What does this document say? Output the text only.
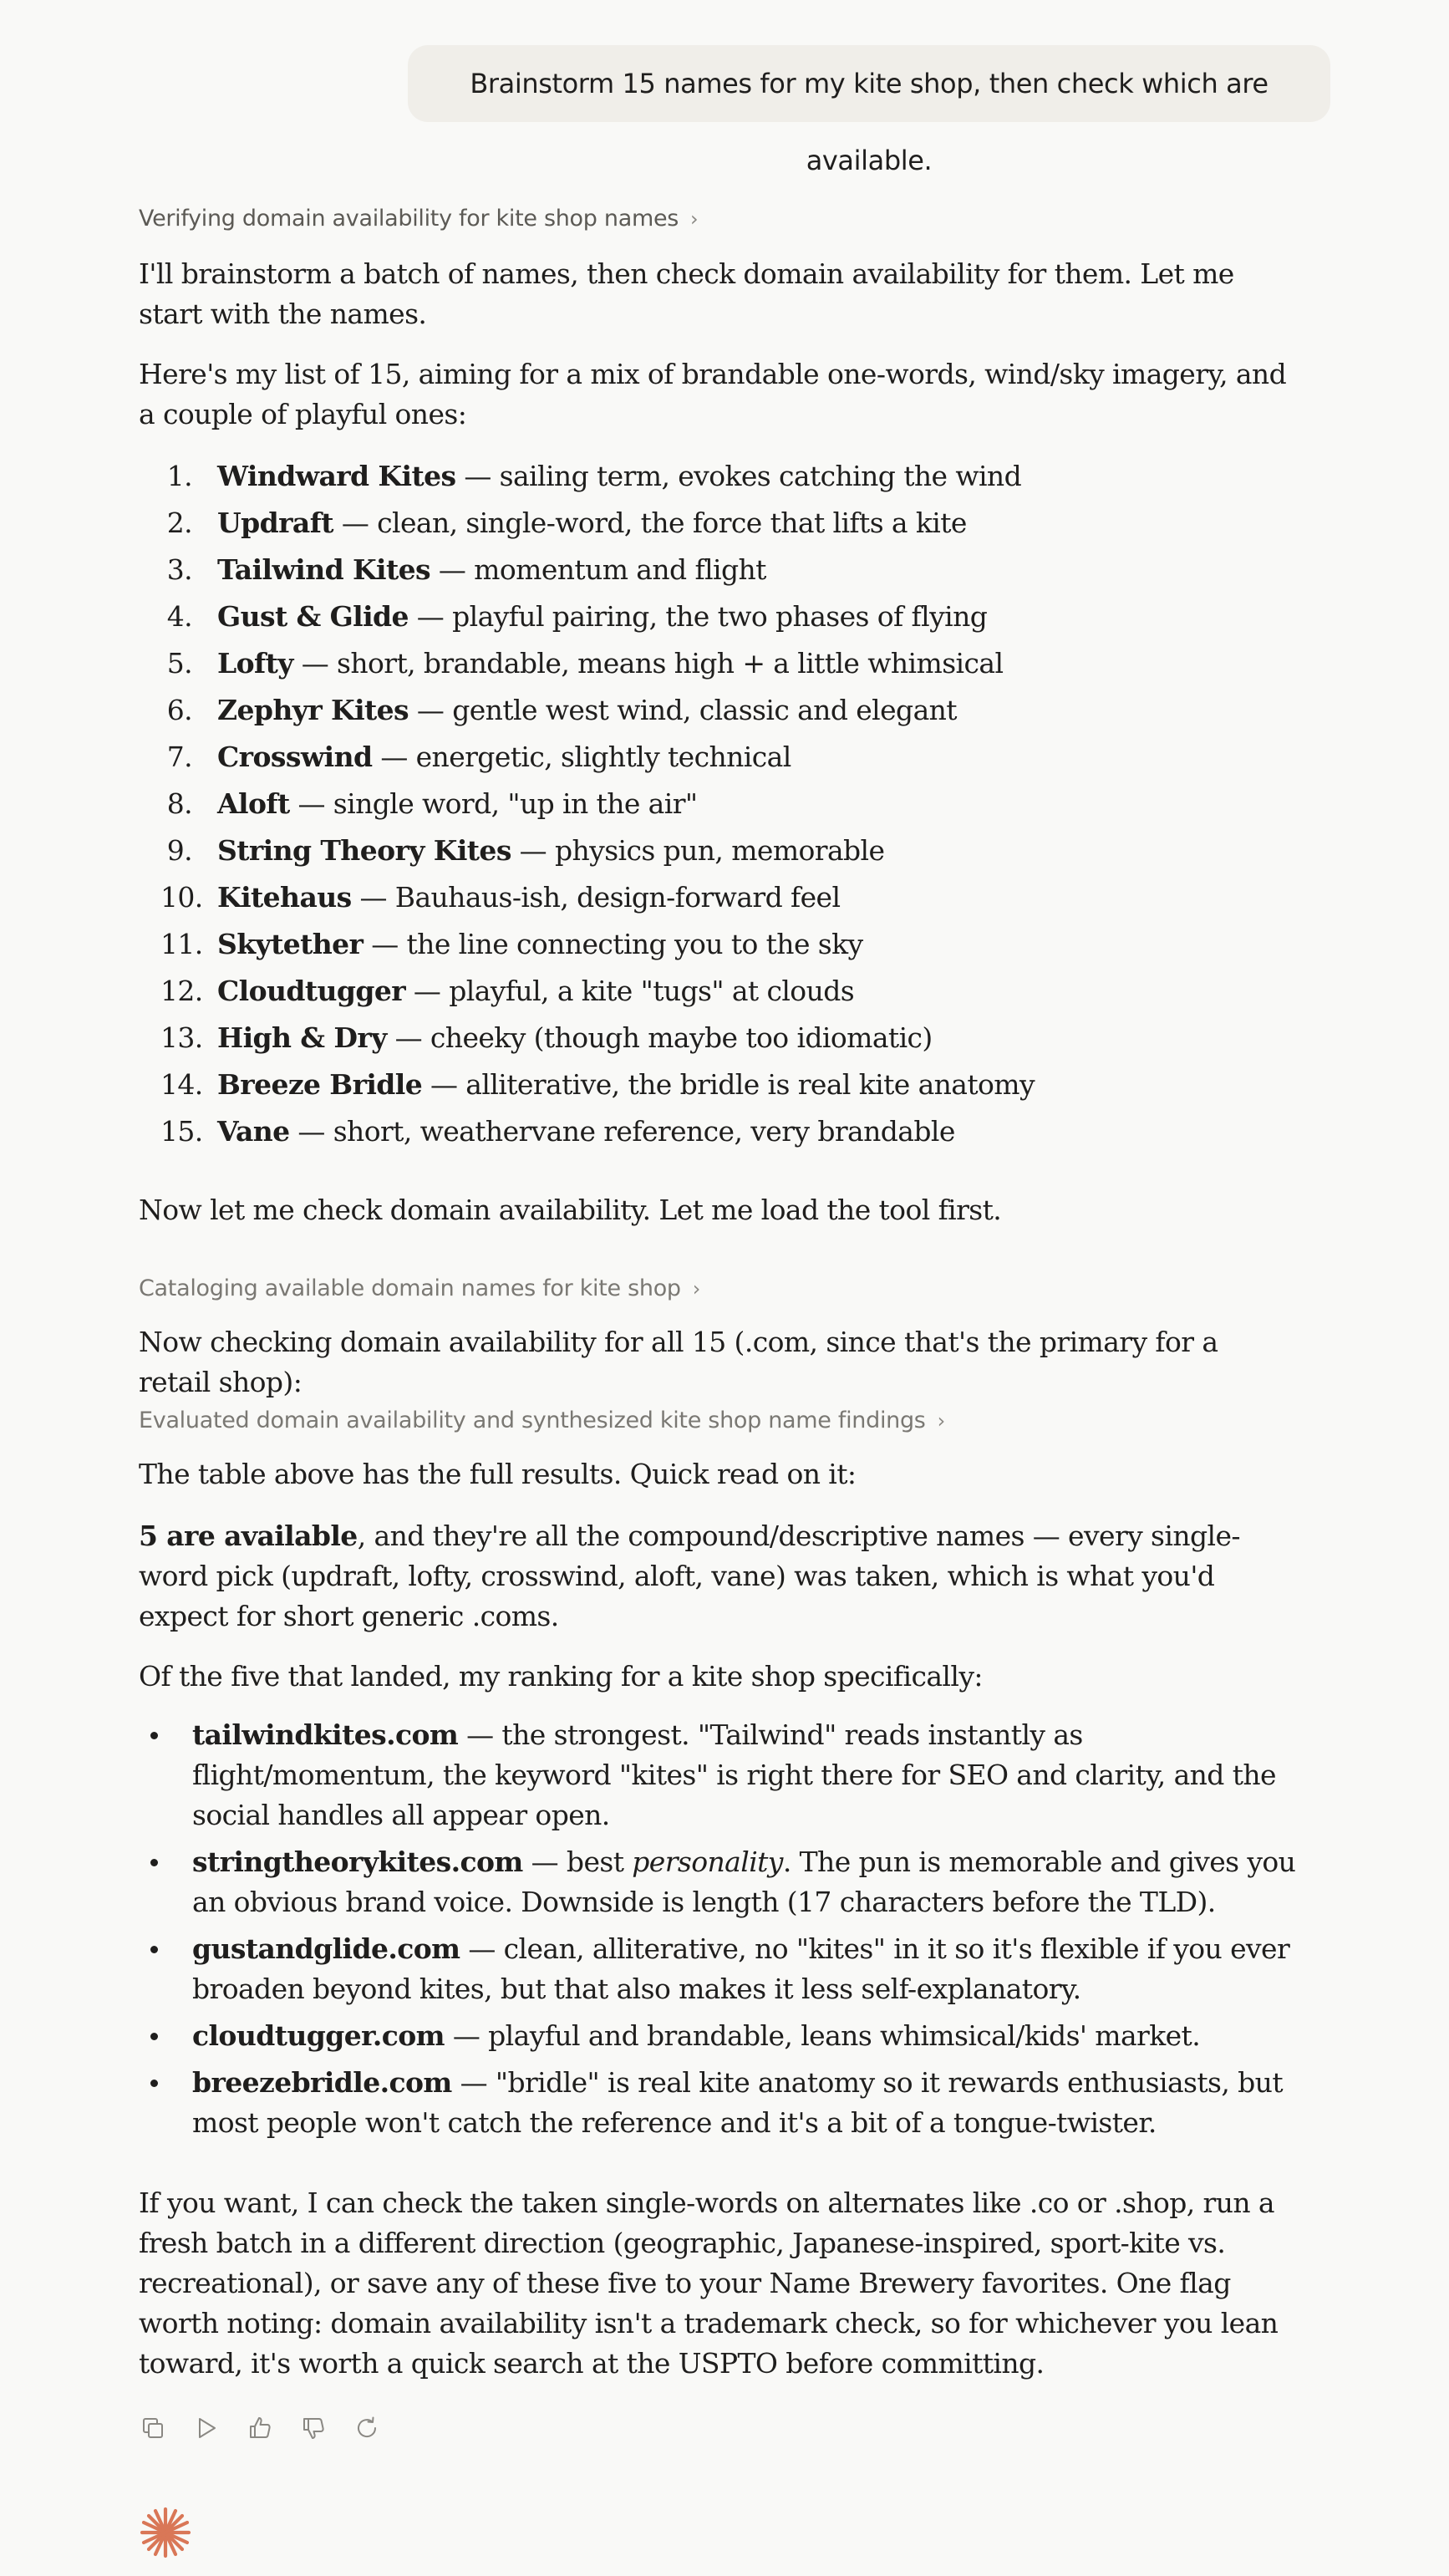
Brainstorm 15 names for my kite shop, then check which are available.
Verifying domain availability for kite shop names ›

I'll brainstorm a batch of names, then check domain availability for them. Let me start with the names.

Here's my list of 15, aiming for a mix of brandable one-words, wind/sky imagery, and a couple of playful ones:

1. Windward Kites — sailing term, evokes catching the wind
2. Updraft — clean, single-word, the force that lifts a kite
3. Tailwind Kites — momentum and flight
4. Gust & Glide — playful pairing, the two phases of flying
5. Lofty — short, brandable, means high + a little whimsical
6. Zephyr Kites — gentle west wind, classic and elegant
7. Crosswind — energetic, slightly technical
8. Aloft — single word, "up in the air"
9. String Theory Kites — physics pun, memorable
10. Kitehaus — Bauhaus-ish, design-forward feel
11. Skytether — the line connecting you to the sky
12. Cloudtugger — playful, a kite "tugs" at clouds
13. High & Dry — cheeky (though maybe too idiomatic)
14. Breeze Bridle — alliterative, the bridle is real kite anatomy
15. Vane — short, weathervane reference, very brandable

Now let me check domain availability. Let me load the tool first.

Cataloging available domain names for kite shop ›

Now checking domain availability for all 15 (.com, since that's the primary for a retail shop):

Evaluated domain availability and synthesized kite shop name findings ›

The table above has the full results. Quick read on it:

5 are available, and they're all the compound/descriptive names — every single-word pick (updraft, lofty, crosswind, aloft, vane) was taken, which is what you'd expect for short generic .coms.

Of the five that landed, my ranking for a kite shop specifically:

tailwindkites.com — the strongest. "Tailwind" reads instantly as flight/momentum, the keyword "kites" is right there for SEO and clarity, and the social handles all appear open.
stringtheorykites.com — best personality. The pun is memorable and gives you an obvious brand voice. Downside is length (17 characters before the TLD).
gustandglide.com — clean, alliterative, no "kites" in it so it's flexible if you ever broaden beyond kites, but that also makes it less self-explanatory.
cloudtugger.com — playful and brandable, leans whimsical/kids' market.
breezebridle.com — "bridle" is real kite anatomy so it rewards enthusiasts, but most people won't catch the reference and it's a bit of a tongue-twister.

If you want, I can check the taken single-words on alternates like .co or .shop, run a fresh batch in a different direction (geographic, Japanese-inspired, sport-kite vs. recreational), or save any of these five to your Name Brewery favorites. One flag worth noting: domain availability isn't a trademark check, so for whichever you lean toward, it's worth a quick search at the USPTO before committing.
